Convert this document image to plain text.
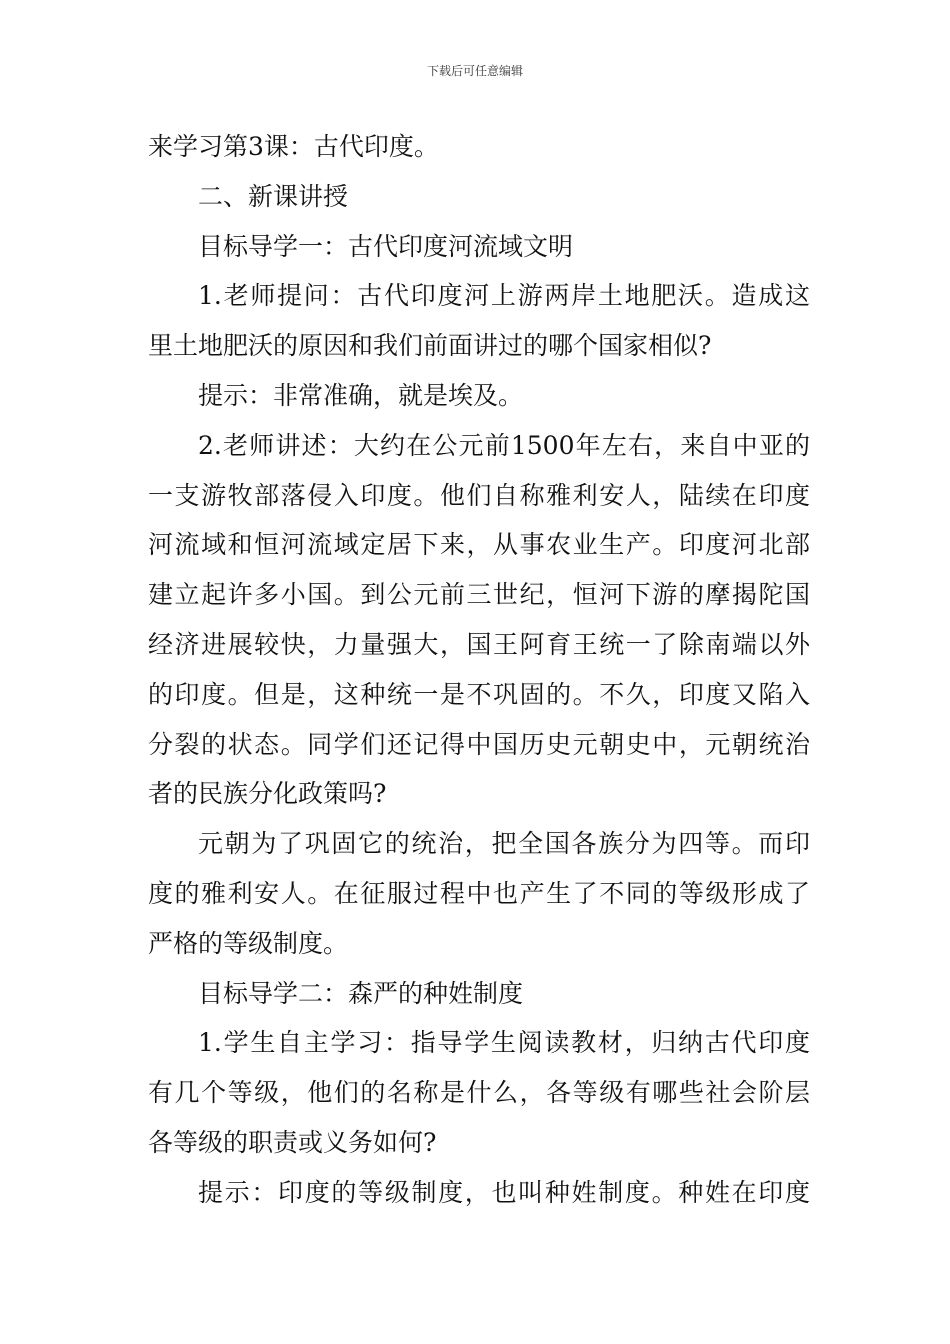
下载后可任意编辑
来学习第3课：古代印度。
二、新课讲授
目标导学一：古代印度河流域文明
1.老师提问：古代印度河上游两岸土地肥沃。造成这
里土地肥沃的原因和我们前面讲过的哪个国家相似?
提示：非常准确，就是埃及。
2.老师讲述：大约在公元前1500年左右，来自中亚的
一支游牧部落侵入印度。他们自称雅利安人，陆续在印度
河流域和恒河流域定居下来，从事农业生产。印度河北部
建立起许多小国。到公元前三世纪，恒河下游的摩揭陀国
经济进展较快，力量强大，国王阿育王统一了除南端以外
的印度。但是，这种统一是不巩固的。不久，印度又陷入
分裂的状态。同学们还记得中国历史元朝史中，元朝统治
者的民族分化政策吗?
元朝为了巩固它的统治，把全国各族分为四等。而印
度的雅利安人。在征服过程中也产生了不同的等级形成了
严格的等级制度。
目标导学二：森严的种姓制度
1.学生自主学习：指导学生阅读教材，归纳古代印度
有几个等级，他们的名称是什么，各等级有哪些社会阶层
各等级的职责或义务如何?
提示：印度的等级制度，也叫种姓制度。种姓在印度
